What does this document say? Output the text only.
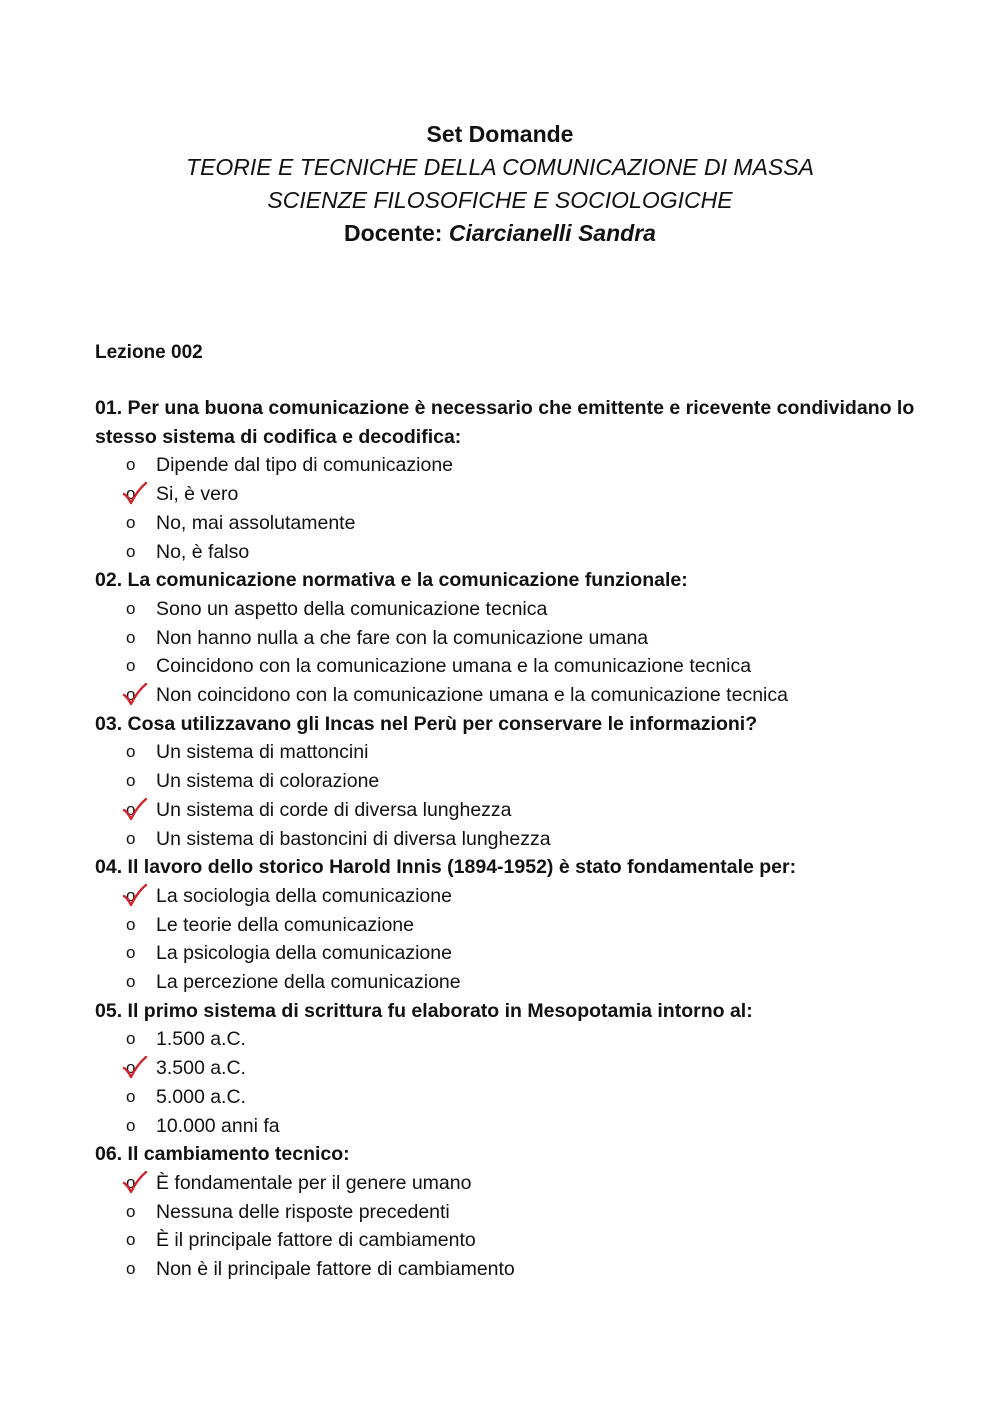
Set Domande
TEORIE E TECNICHE DELLA COMUNICAZIONE DI MASSA
SCIENZE FILOSOFICHE E SOCIOLOGICHE
Docente: Ciarcianelli Sandra
Lezione 002
01. Per una buona comunicazione è necessario che emittente e ricevente condividano lo stesso sistema di codifica e decodifica:
o Dipende dal tipo di comunicazione
o Si, è vero
o No, mai assolutamente
o No, è falso
02. La comunicazione normativa e la comunicazione funzionale:
o Sono un aspetto della comunicazione tecnica
o Non hanno nulla a che fare con la comunicazione umana
o Coincidono con la comunicazione umana e la comunicazione tecnica
o Non coincidono con la comunicazione umana e la comunicazione tecnica
03. Cosa utilizzavano gli Incas nel Perù per conservare le informazioni?
o Un sistema di mattoncini
o Un sistema di colorazione
o Un sistema di corde di diversa lunghezza
o Un sistema di bastoncini di diversa lunghezza
04. Il lavoro dello storico Harold Innis (1894-1952) è stato fondamentale per:
o La sociologia della comunicazione
o Le teorie della comunicazione
o La psicologia della comunicazione
o La percezione della comunicazione
05. Il primo sistema di scrittura fu elaborato in Mesopotamia intorno al:
o 1.500 a.C.
o 3.500 a.C.
o 5.000 a.C.
o 10.000 anni fa
06. Il cambiamento tecnico:
o È fondamentale per il genere umano
o Nessuna delle risposte precedenti
o È il principale fattore di cambiamento
o Non è il principale fattore di cambiamento
